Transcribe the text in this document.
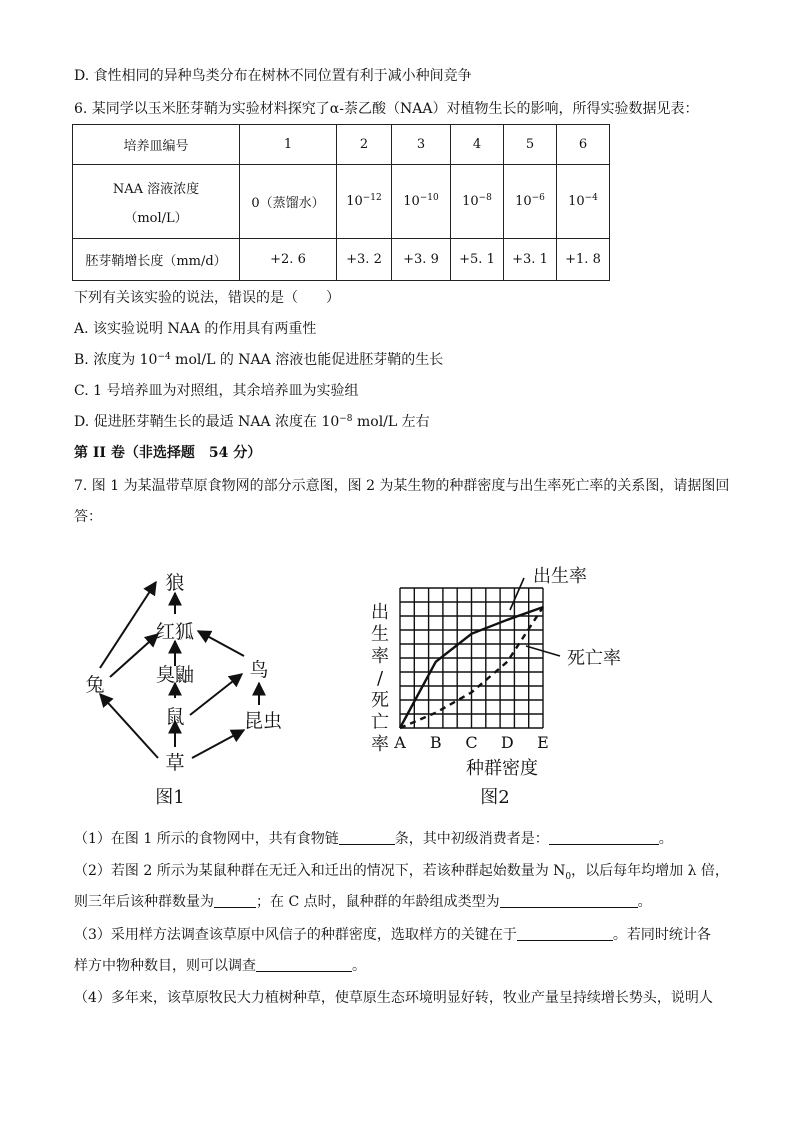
D. 食性相同的异种鸟类分布在树林不同位置有利于减小种间竞争
6. 某同学以玉米胚芽鞘为实验材料探究了α-萘乙酸（NAA）对植物生长的影响，所得实验数据见表：
培养皿编号	1	2	3	4	5	6

NAA 溶液浓度
（mol/L）	0（蒸馏水）	$10^{-12}$	$10^{-10}$	$10^{-8}$	$10^{-6}$	$10^{-4}$
胚芽鞘增长度（mm/d）	+2. 6	+3. 2	+3. 9	+5. 1	+3. 1	+1. 8
下列有关该实验的说法，错误的是（　　）
A. 该实验说明 NAA 的作用具有两重性
B. 浓度为 $10^{-4}$ mol/L 的 NAA 溶液也能促进胚芽鞘的生长
C. 1 号培养皿为对照组，其余培养皿为实验组
D. 促进胚芽鞘生长的最适 NAA 浓度在 $10^{-8}$ mol/L 左右
第 II 卷（非选择题　54 分）
7. 图 1 为某温带草原食物网的部分示意图，图 2 为某生物的种群密度与出生率死亡率的关系图，请据图回
答：
狼
红狐
兔	臭鼬	鸟
鼠	昆虫
草
图1
A B C D E
出
生
率
/
死
亡
率
种群密度
出生率
死亡率
图2
（1）在图 1 所示的食物网中，共有食物链	条，其中初级消费者是：	。
（2）若图 2 所示为某鼠种群在无迁入和迁出的情况下，若该种群起始数量为 $N_0$，以后每年均增加 λ 倍，
则三年后该种群数量为	；在 C 点时，鼠种群的年龄组成类型为	。
（3）采用样方法调查该草原中风信子的种群密度，选取样方的关键在于	。若同时统计各
样方中物种数目，则可以调查	。
（4）多年来，该草原牧民大力植树种草，使草原生态环境明显好转，牧业产量呈持续增长势头，说明人
